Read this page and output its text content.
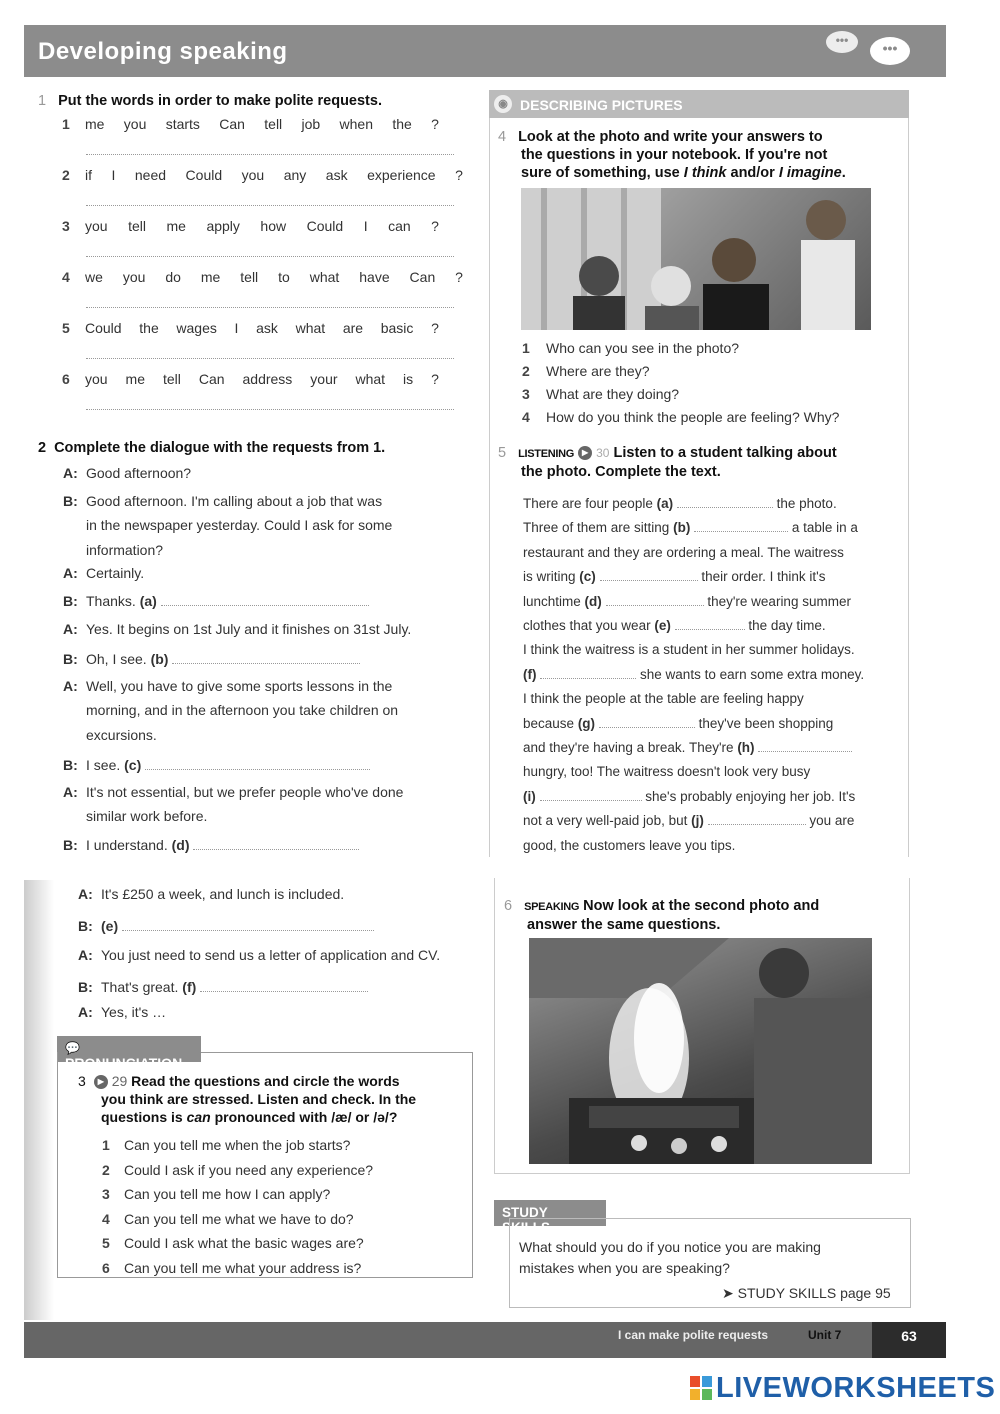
Developing speaking	•••	•••
1 Put the words in order to make polite requests.
1 me you starts Can tell job when the ?
2 if I need Could you any ask experience ?
3 you tell me apply how Could I can ?
4 we you do me tell to what have Can ?
5 Could the wages I ask what are basic ?
6 you me tell Can address your what is ?
2 Complete the dialogue with the requests from 1.
A: Good afternoon?
B: Good afternoon. I'm calling about a job that was
in the newspaper yesterday. Could I ask for some
information?
A: Certainly.
B: Thanks. (a)
A: Yes. It begins on 1st July and it finishes on 31st July.
B: Oh, I see. (b)
A: Well, you have to give some sports lessons in the
morning, and in the afternoon you take children on
excursions.
B: I see. (c)
A: It's not essential, but we prefer people who've done
similar work before.
B: I understand. (d)
◉ DESCRIBING PICTURES
4 Look at the photo and write your answers to
the questions in your notebook. If you're not
sure of something, use I think and/or I imagine.
1 Who can you see in the photo?
2 Where are they?
3 What are they doing?
4 How do you think the people are feeling? Why?
5 LISTENING ▶ 30 Listen to a student talking about
the photo. Complete the text.
There are four people (a)	the photo.
Three of them are sitting (b)	a table in a
restaurant and they are ordering a meal. The waitress
is writing (c)	their order. I think it's
lunchtime (d)	they're wearing summer
clothes that you wear (e)	the day time.
I think the waitress is a student in her summer holidays.
(f)	she wants to earn some extra money.
I think the people at the table are feeling happy
because (g)	they've been shopping
and they're having a break. They're (h)
hungry, too! The waitress doesn't look very busy
(i)	she's probably enjoying her job. It's
not a very well-paid job, but (j)	you are
good, the customers leave you tips.
A: It's £250 a week, and lunch is included.
B: (e)
A: You just need to send us a letter of application and CV.
B: That's great. (f)
A: Yes, it's …
💬 PRONUNCIATION
3 ▶ 29 Read the questions and circle the words
you think are stressed. Listen and check. In the
questions is can pronounced with /æ/ or /ə/?
1 Can you tell me when the job starts?
2 Could I ask if you need any experience?
3 Can you tell me how I can apply?
4 Can you tell me what we have to do?
5 Could I ask what the basic wages are?
6 Can you tell me what your address is?
6 SPEAKING Now look at the second photo and
answer the same questions.
STUDY SKILLS
What should you do if you notice you are making
mistakes when you are speaking?
➤ STUDY SKILLS page 95
I can make polite requests	Unit 7	63
LIVEWORKSHEETS
